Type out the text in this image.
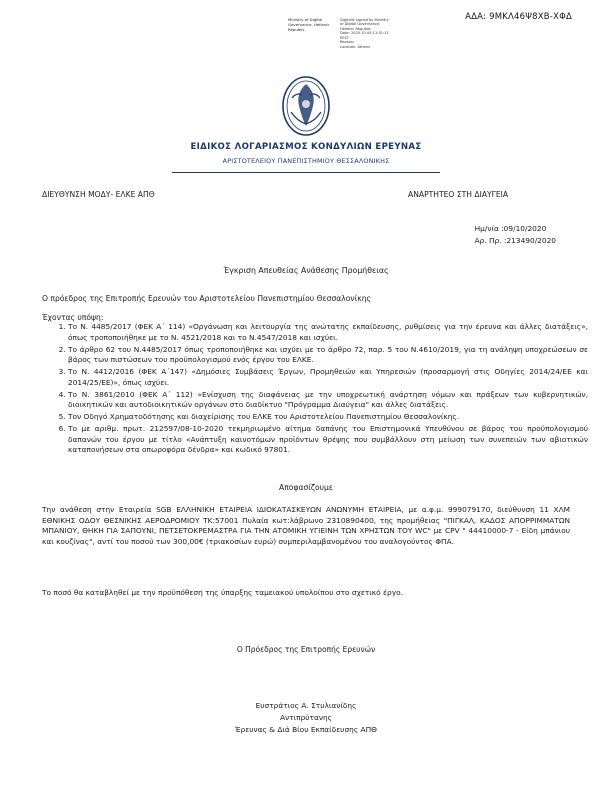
ΑΔΑ: 9ΜΚΛ46Ψ8ΧΒ-ΧΦΔ
Ministry of Digital Governance, Hellenic Republic
Digitally signed by Ministry
of Digital Governance,
Hellenic Republic
Date: 2020.10.09 11:51:11
EEST
Reason:
Location: Athens
ΕΙΔΙΚΟΣ ΛΟΓΑΡΙΑΣΜΟΣ ΚΟΝΔΥΛΙΩΝ ΕΡΕΥΝΑΣ
ΑΡΙΣΤΟΤΕΛΕΙΟΥ ΠΑΝΕΠΙΣΤΗΜΙΟΥ ΘΕΣΣΑΛΟΝΙΚΗΣ
ΔΙΕΥΘΥΝΣΗ ΜΟΔΥ- ΕΛΚΕ ΑΠΘ	ΑΝΑΡΤΗΤΕΟ ΣΤΗ ΔΙΑΥΓΕΙΑ
Ημ/νία :09/10/2020
Αρ. Πρ. :213490/2020
Έγκριση Απευθείας Ανάθεσης Προμήθειας
Ο πρόεδρος της Επιτροπής Ερευνών του Αριστοτελείου Πανεπιστημίου Θεσσαλονίκης
Έχοντας υπόψη:
1. Το Ν. 4485/2017 (ΦΕΚ Α΄ 114) «Οργάνωση και λειτουργία της ανώτατης εκπαίδευσης, ρυθμίσεις για την έρευνα και άλλες διατάξεις», όπως τροποποιήθηκε με το Ν. 4521/2018 και το Ν.4547/2018 και ισχύει.
2. Το άρθρο 62 του Ν.4485/2017 όπως τροποποιήθηκε και ισχύει με το άρθρο 72, παρ. 5 του Ν.4610/2019, για τη ανάληψη υποχρεώσεων σε βάρος των πιστώσεων του προϋπολογισμού ενός έργου του ΕΛΚΕ.
3. Το Ν. 4412/2016 (ΦΕΚ Α΄147) «Δημόσιες Συμβάσεις Έργων, Προμηθειών και Υπηρεσιών (προσαρμογή στις Οδηγίες 2014/24/ΕΕ και 2014/25/ΕΕ)», όπως ισχύει.
4. Το Ν. 3861/2010 (ΦΕΚ Α΄ 112) «Ενίσχυση της διαφάνειας με την υποχρεωτική ανάρτηση νόμων και πράξεων των κυβερνητικών, διοικητικών και αυτοδιοικητικών οργάνων στο διαδίκτυο "Πρόγραμμα Διαύγεια" και άλλες διατάξεις.
5. Τον Οδηγό Χρηματοδότησης και διαχείρισης του ΕΛΚΕ του Αριστοτελείου Πανεπιστημίου Θεσσαλονίκης.
6. Το με αριθμ. πρωτ. 212597/08-10-2020 τεκμηριωμένο αίτημα δαπάνης του Επιστημονικά Υπευθύνου σε βάρος του προϋπολογισμού δαπανών του έργου με τίτλο «Ανάπτυξη καινοτόμων προϊόντων θρέψης που συμβάλλουν στη μείωση των συνεπειών των αβιοτικών καταπονήσεων στα οπωροφόρα δένδρα» και κωδικό 97801.
Αποφασίζουμε
Την ανάθεση στην Εταιρεία SGB ΕΛΛΗΝΙΚΗ ΕΤΑΙΡΕΙΑ ΙΔΙΟΚΑΤΑΣΚΕΥΩΝ ΑΝΩΝΥΜΗ ΕΤΑΙΡΕΙΑ, με α.φ.μ. 999079170, διεύθυνση 11 ΧΛΜ ΕΘΝΙΚΗΣ ΟΔΟΥ ΘΕΣΝΙΚΗΣ ΑΕΡΟΔΡΟΜΙΟΥ ΤΚ:57001 Πυλαία κωτ:λάβρωνο 2310890400, της προμήθειας "ΠΙΓΚΑΛ, ΚΑΔΟΣ ΑΠΟΡΡΙΜΜΑΤΩΝ ΜΠΑΝΙΟΥ, ΘΗΚΗ ΓΙΑ ΣΑΠΟΥΝΙ, ΠΕΤΣΕΤΟΚΡΕΜΑΣΤΡΑ ΓΙΑ ΤΗΝ ΑΤΟΜΙΚΗ ΥΓΙΕΙΝΗ ΤΩΝ ΧΡΗΣΤΩΝ ΤΟΥ WC" με CPV " 44410000-7 - Είδη μπάνιου και κουζίνας", αντί του ποσού των 300,00€ (τριακοσίων ευρώ) συμπεριλαμβανομένου του αναλογούντος ΦΠΑ.
Το ποσό θα καταβληθεί με την προϋπόθεση της ύπαρξης ταμειακού υπολοίπου στο σχετικό έργο.
Ο Πρόεδρος της Επιτροπής Ερευνών
Ευστράτιος Α. Στυλιανίδης
Αντιπρύτανης
Έρευνας & Διά Βίου Εκπαίδευσης ΑΠΘ
